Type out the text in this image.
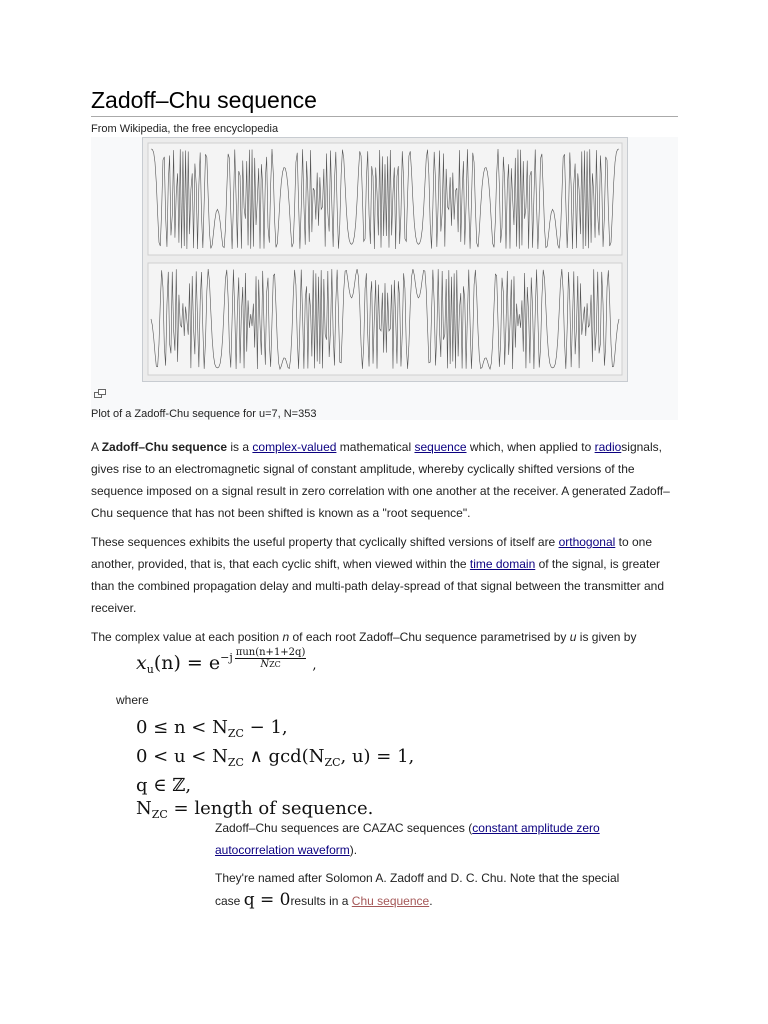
Zadoff–Chu sequence
From Wikipedia, the free encyclopedia
Plot of a Zadoff-Chu sequence for u=7, N=353

A Zadoff–Chu sequence is a complex-valued mathematical sequence which, when applied to radiosignals, gives rise to an electromagnetic signal of constant amplitude, whereby cyclically shifted versions of the sequence imposed on a signal result in zero correlation with one another at the receiver. A generated Zadoff–Chu sequence that has not been shifted is known as a "root sequence".

These sequences exhibits the useful property that cyclically shifted versions of itself are orthogonal to one another, provided, that is, that each cyclic shift, when viewed within the time domain of the signal, is greater than the combined propagation delay and multi-path delay-spread of that signal between the transmitter and receiver.

The complex value at each position n of each root Zadoff–Chu sequence parametrised by u is given by

$x_u(n) = e^{-j \pi un(n+1+2q) NZC}$	,
where
$0 \le n < N_{ZC} - 1$,
$0 < u < N_{ZC}$ ∧ $\gcd(N_{ZC}$, u) = 1,
q ∈ ℤ,
$N_{ZC}$ = length of sequence.

Zadoff–Chu sequences are CAZAC sequences (constant amplitude zero autocorrelation waveform).

They're named after Solomon A. Zadoff and D. C. Chu. Note that the special case q = 0results in a Chu sequence.
